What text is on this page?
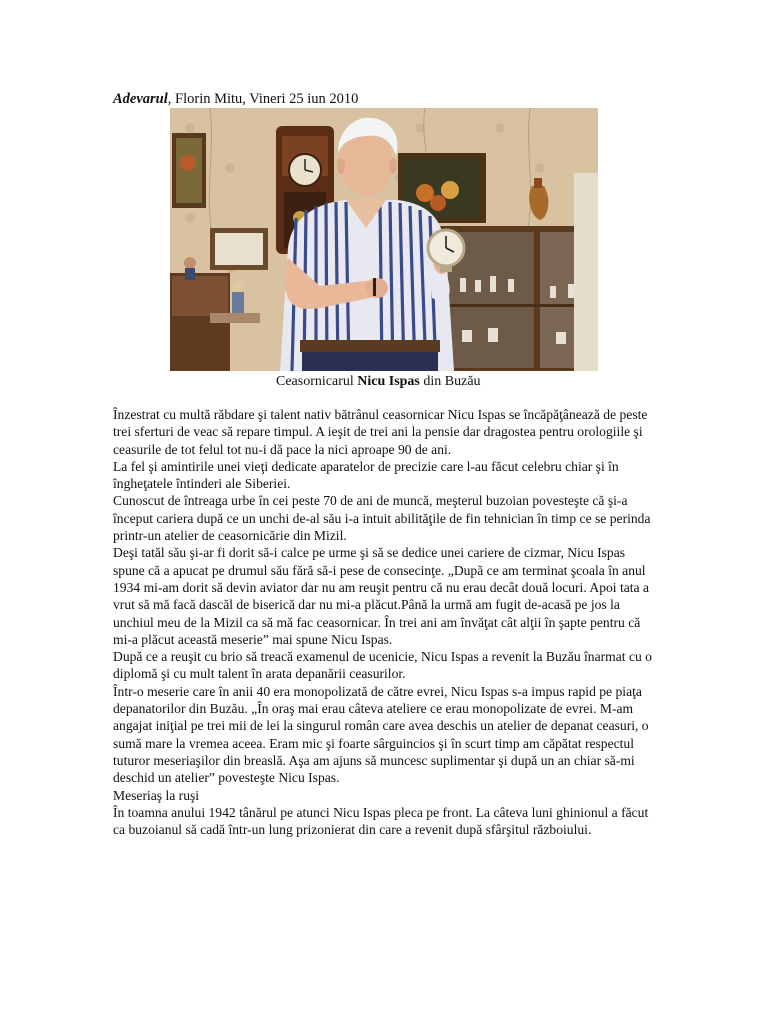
Adevarul, Florin Mitu, Vineri 25 iun 2010
Ceasornicarul Nicu Ispas din Buzău

Înzestrat cu multă răbdare şi talent nativ bătrânul ceasornicar Nicu Ispas se încăpăţânează de peste trei sferturi de veac să repare timpul. A ieşit de trei ani la pensie dar dragostea pentru orologiile şi ceasurile de tot felul tot nu-i dă pace la nici aproape 90 de ani.

La fel şi amintirile unei vieţi dedicate aparatelor de precizie care l-au făcut celebru chiar şi în îngheţatele întinderi ale Siberiei.

Cunoscut de întreaga urbe în cei peste 70 de ani de muncă, meşterul buzoian povesteşte că şi-a început cariera după ce un unchi de-al său i-a intuit abilităţile de fin tehnician în timp ce se perinda printr-un atelier de ceasornicărie din Mizil.

Deşi tatăl său şi-ar fi dorit să-i calce pe urme şi să se dedice unei cariere de cizmar, Nicu Ispas spune că a apucat pe drumul său fără să-i pese de consecinţe. „După ce am terminat şcoala în anul 1934 mi-am dorit să devin aviator dar nu am reuşit pentru că nu erau decât două locuri. Apoi tata a vrut să mă facă dascăl de biserică dar nu mi-a plăcut.Până la urmă am fugit de-acasă pe jos la unchiul meu de la Mizil ca să mă fac ceasornicar. În trei ani am învăţat cât alţii în şapte pentru că mi-a plăcut această meserie” mai spune Nicu Ispas.

După ce a reuşit cu brio să treacă examenul de ucenicie, Nicu Ispas a revenit la Buzău înarmat cu o diplomă şi cu mult talent în arata depanării ceasurilor.

Într-o meserie care în anii 40 era monopolizată de către evrei, Nicu Ispas s-a impus rapid pe piaţa depanatorilor din Buzău. „În oraş mai erau câteva ateliere ce erau monopolizate de evrei. M-am angajat iniţial pe trei mii de lei la singurul român care avea deschis un atelier de depanat ceasuri, o sumă mare la vremea aceea. Eram mic şi foarte sârguincios şi în scurt timp am căpătat respectul tuturor meseriaşilor din breaslă. Aşa am ajuns să muncesc suplimentar şi după un an chiar să-mi deschid un atelier” povesteşte Nicu Ispas.

Meseriaş la ruşi

În toamna anului 1942 tânărul pe atunci Nicu Ispas pleca pe front. La câteva luni ghinionul a făcut ca buzoianul să cadă într-un lung prizonierat din care a revenit după sfârşitul războiului.
